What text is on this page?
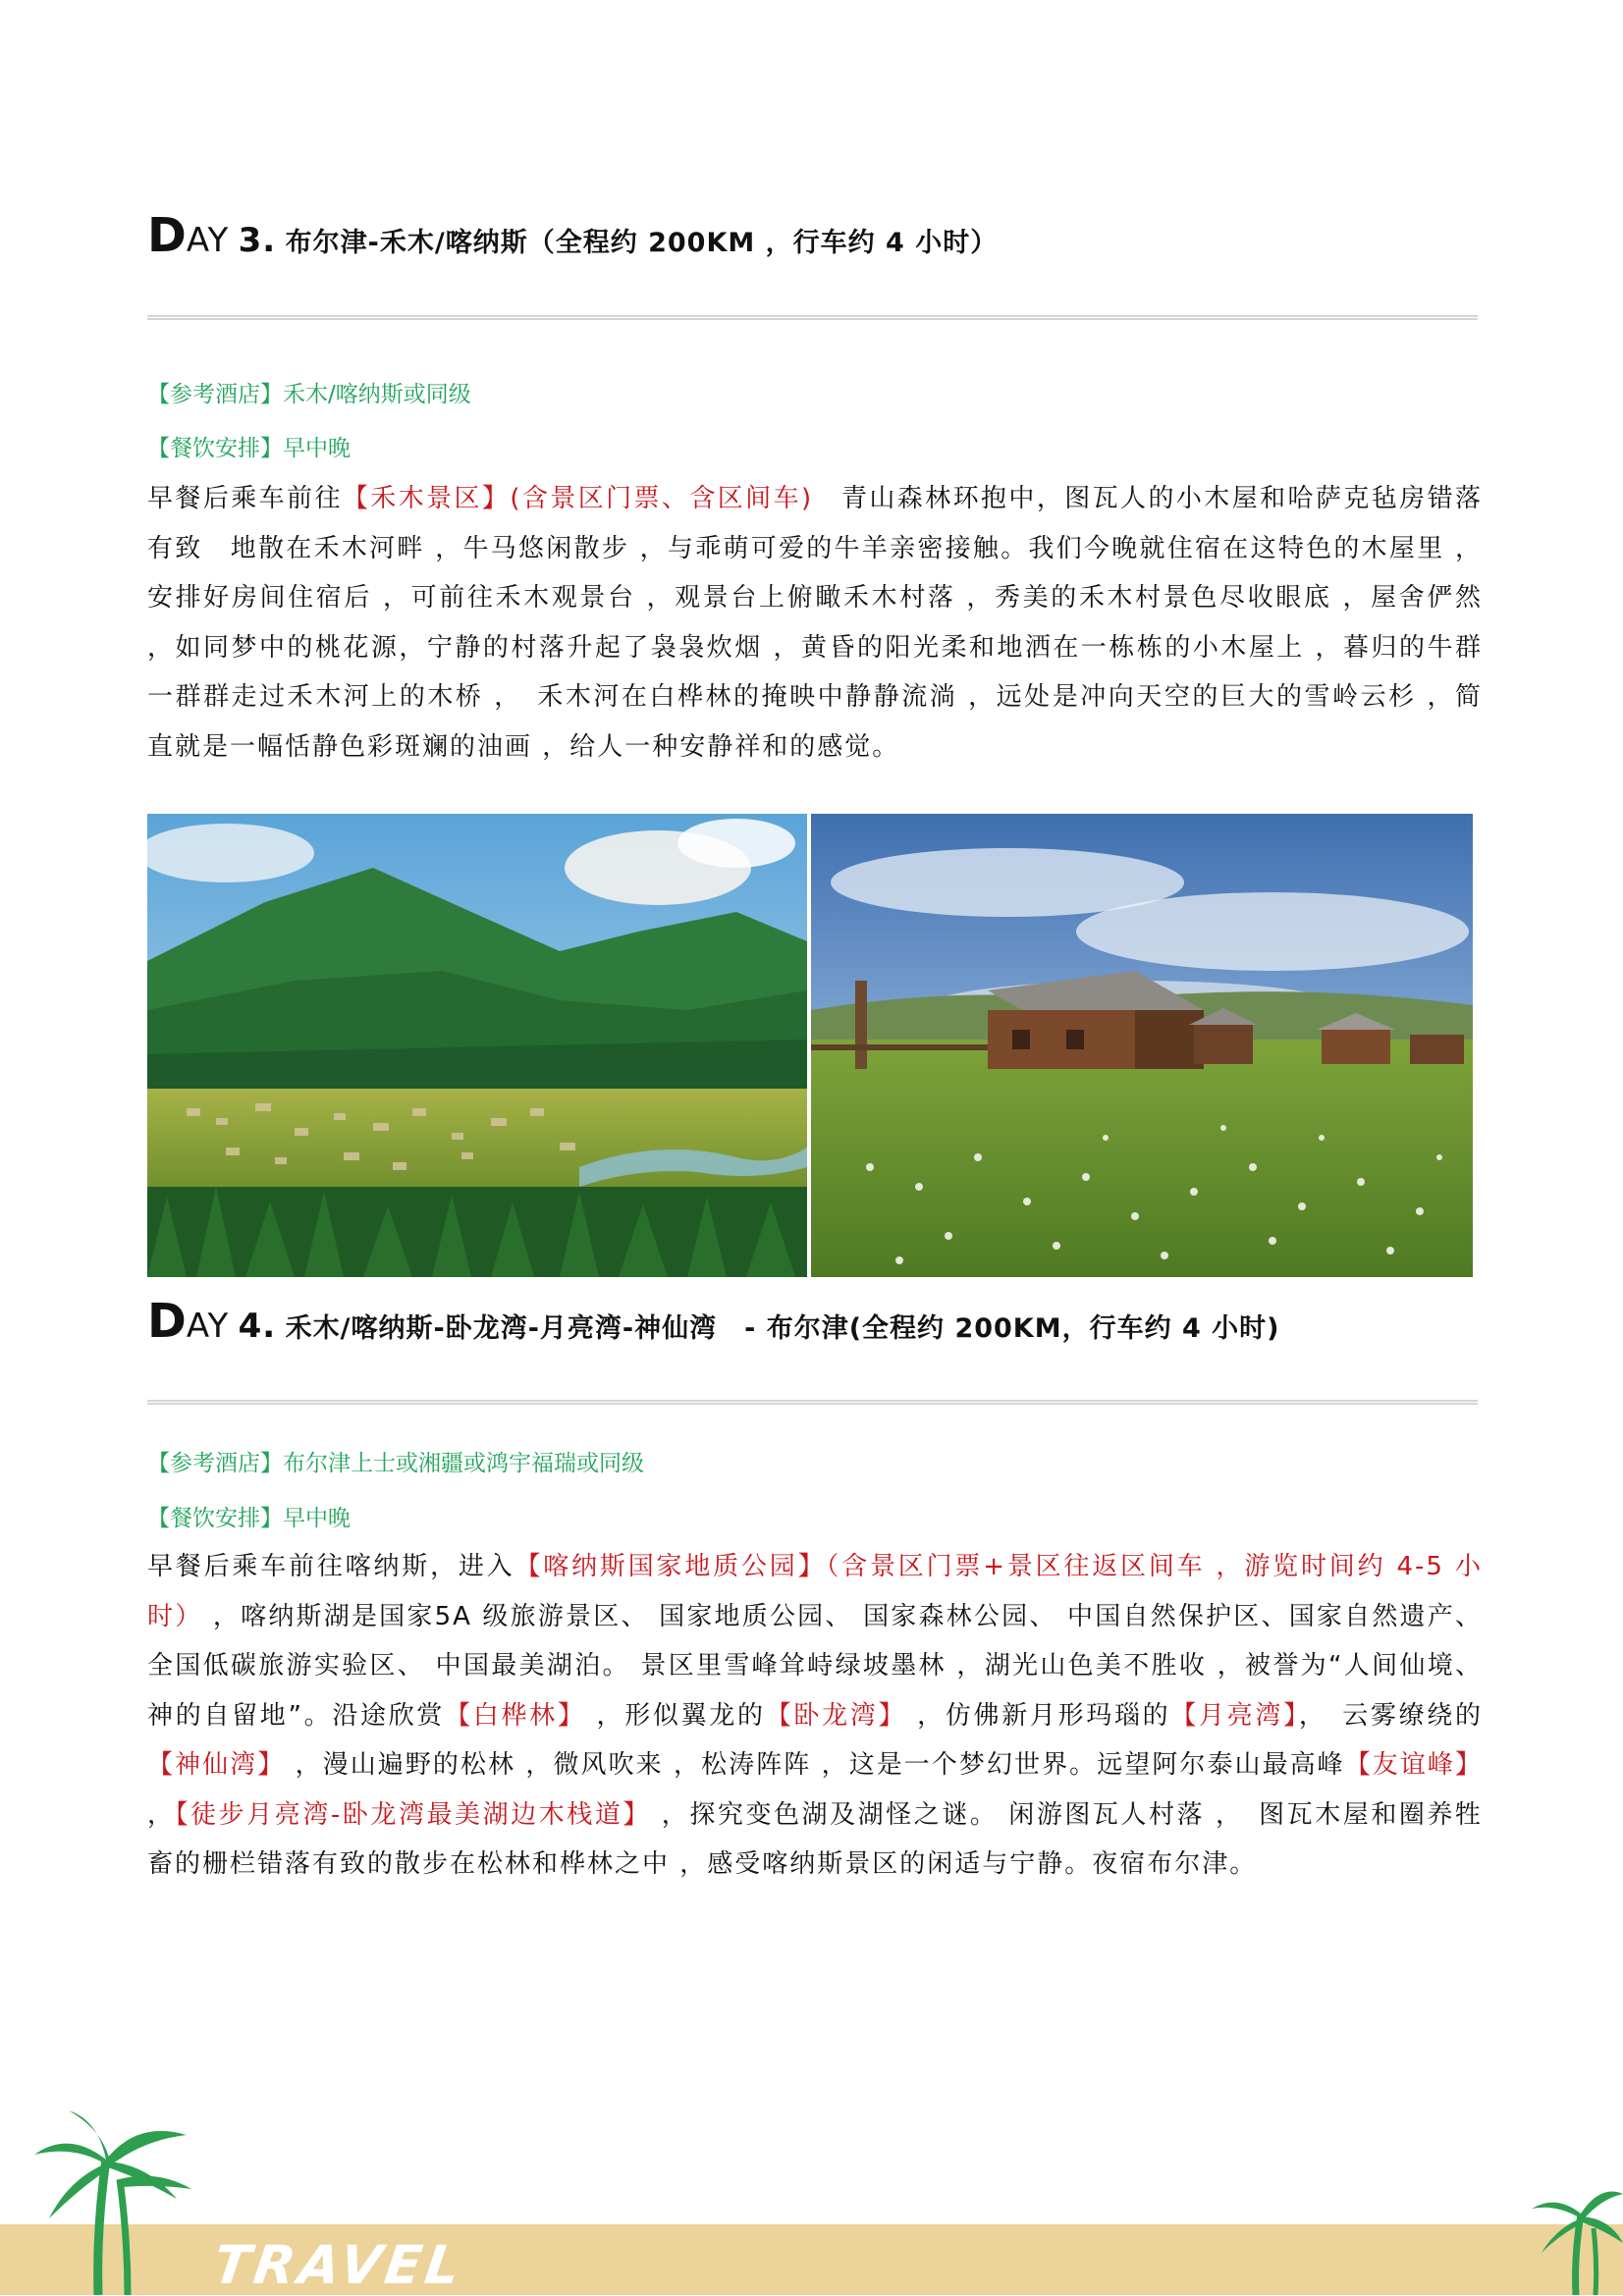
DAY 3. 布尔津-禾木/喀纳斯（全程约 200KM ，行车约 4 小时）
【参考酒店】禾木/喀纳斯或同级
【餐饮安排】早中晚
早餐后乘车前往【禾木景区】(含景区门票、含区间车)　青山森林环抱中，图瓦人的小木屋和哈萨克毡房错落有致　地散在禾木河畔 ，牛马悠闲散步 ，与乖萌可爱的牛羊亲密接触。我们今晚就住宿在这特色的木屋里 ，安排好房间住宿后 ，可前往禾木观景台 ，观景台上俯瞰禾木村落 ，秀美的禾木村景色尽收眼底 ，屋舍俨然 ，如同梦中的桃花源，宁静的村落升起了袅袅炊烟 ，黄昏的阳光柔和地洒在一栋栋的小木屋上 ，暮归的牛群一群群走过禾木河上的木桥 ，　禾木河在白桦林的掩映中静静流淌 ，远处是冲向天空的巨大的雪岭云杉 ，简直就是一幅恬静色彩斑斓的油画 ，给人一种安静祥和的感觉。
DAY 4. 禾木/喀纳斯-卧龙湾-月亮湾-神仙湾　- 布尔津(全程约 200KM，行车约 4 小时)
【参考酒店】布尔津上士或湘疆或鸿宇福瑞或同级
【餐饮安排】早中晚
早餐后乘车前往喀纳斯，进入【喀纳斯国家地质公园】（含景区门票+景区往返区间车 ，游览时间约 4-5 小时） ，喀纳斯湖是国家5A 级旅游景区、 国家地质公园、 国家森林公园、 中国自然保护区、国家自然遗产、全国低碳旅游实验区、 中国最美湖泊。 景区里雪峰耸峙绿坡墨林 ，湖光山色美不胜收 ，被誉为“人间仙境、神的自留地”。沿途欣赏【白桦林】 ，形似翼龙的【卧龙湾】 ，仿佛新月形玛瑙的【月亮湾】，　云雾缭绕的【神仙湾】 ，漫山遍野的松林 ，微风吹来 ，松涛阵阵 ，这是一个梦幻世界。远望阿尔泰山最高峰【友谊峰】 ，【徒步月亮湾-卧龙湾最美湖边木栈道】 ，探究变色湖及湖怪之谜。 闲游图瓦人村落 ，　图瓦木屋和圈养牲畜的栅栏错落有致的散步在松林和桦林之中 ，感受喀纳斯景区的闲适与宁静。夜宿布尔津。
TRAVEL
